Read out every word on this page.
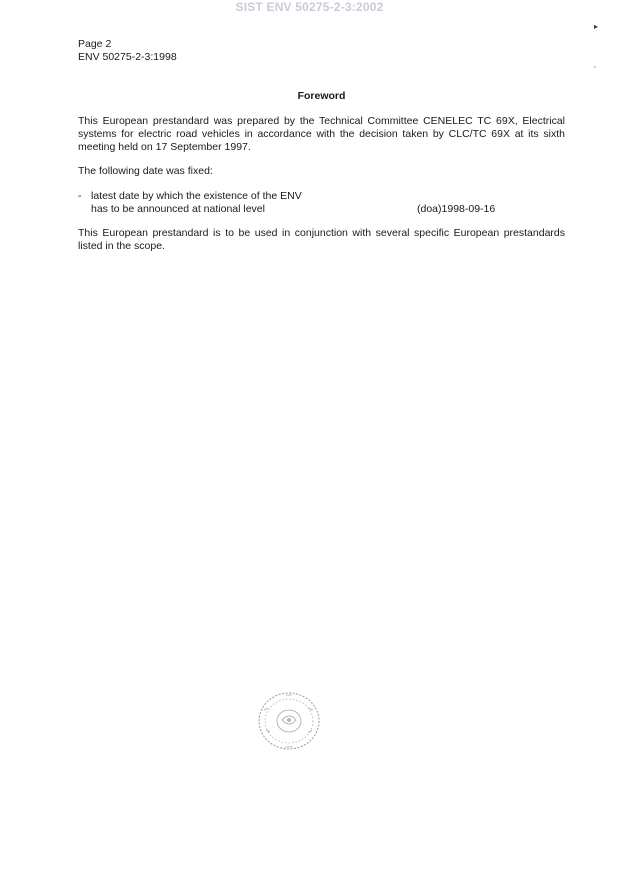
SIST ENV 50275-2-3:2002
▸
‚
Page 2
ENV 50275-2-3:1998
Foreword
This European prestandard was prepared by the Technical Committee CENELEC TC 69X, Electrical systems for electric road vehicles in accordance with the decision taken by CLC/TC 69X at its sixth meeting held on 17 September 1997.
The following date was fixed:
- latest date by which the existence of the ENV
has to be announced at national level	(doa)1998-09-16
This European prestandard is to be used in conjunction with several specific European prestandards listed in the scope.
